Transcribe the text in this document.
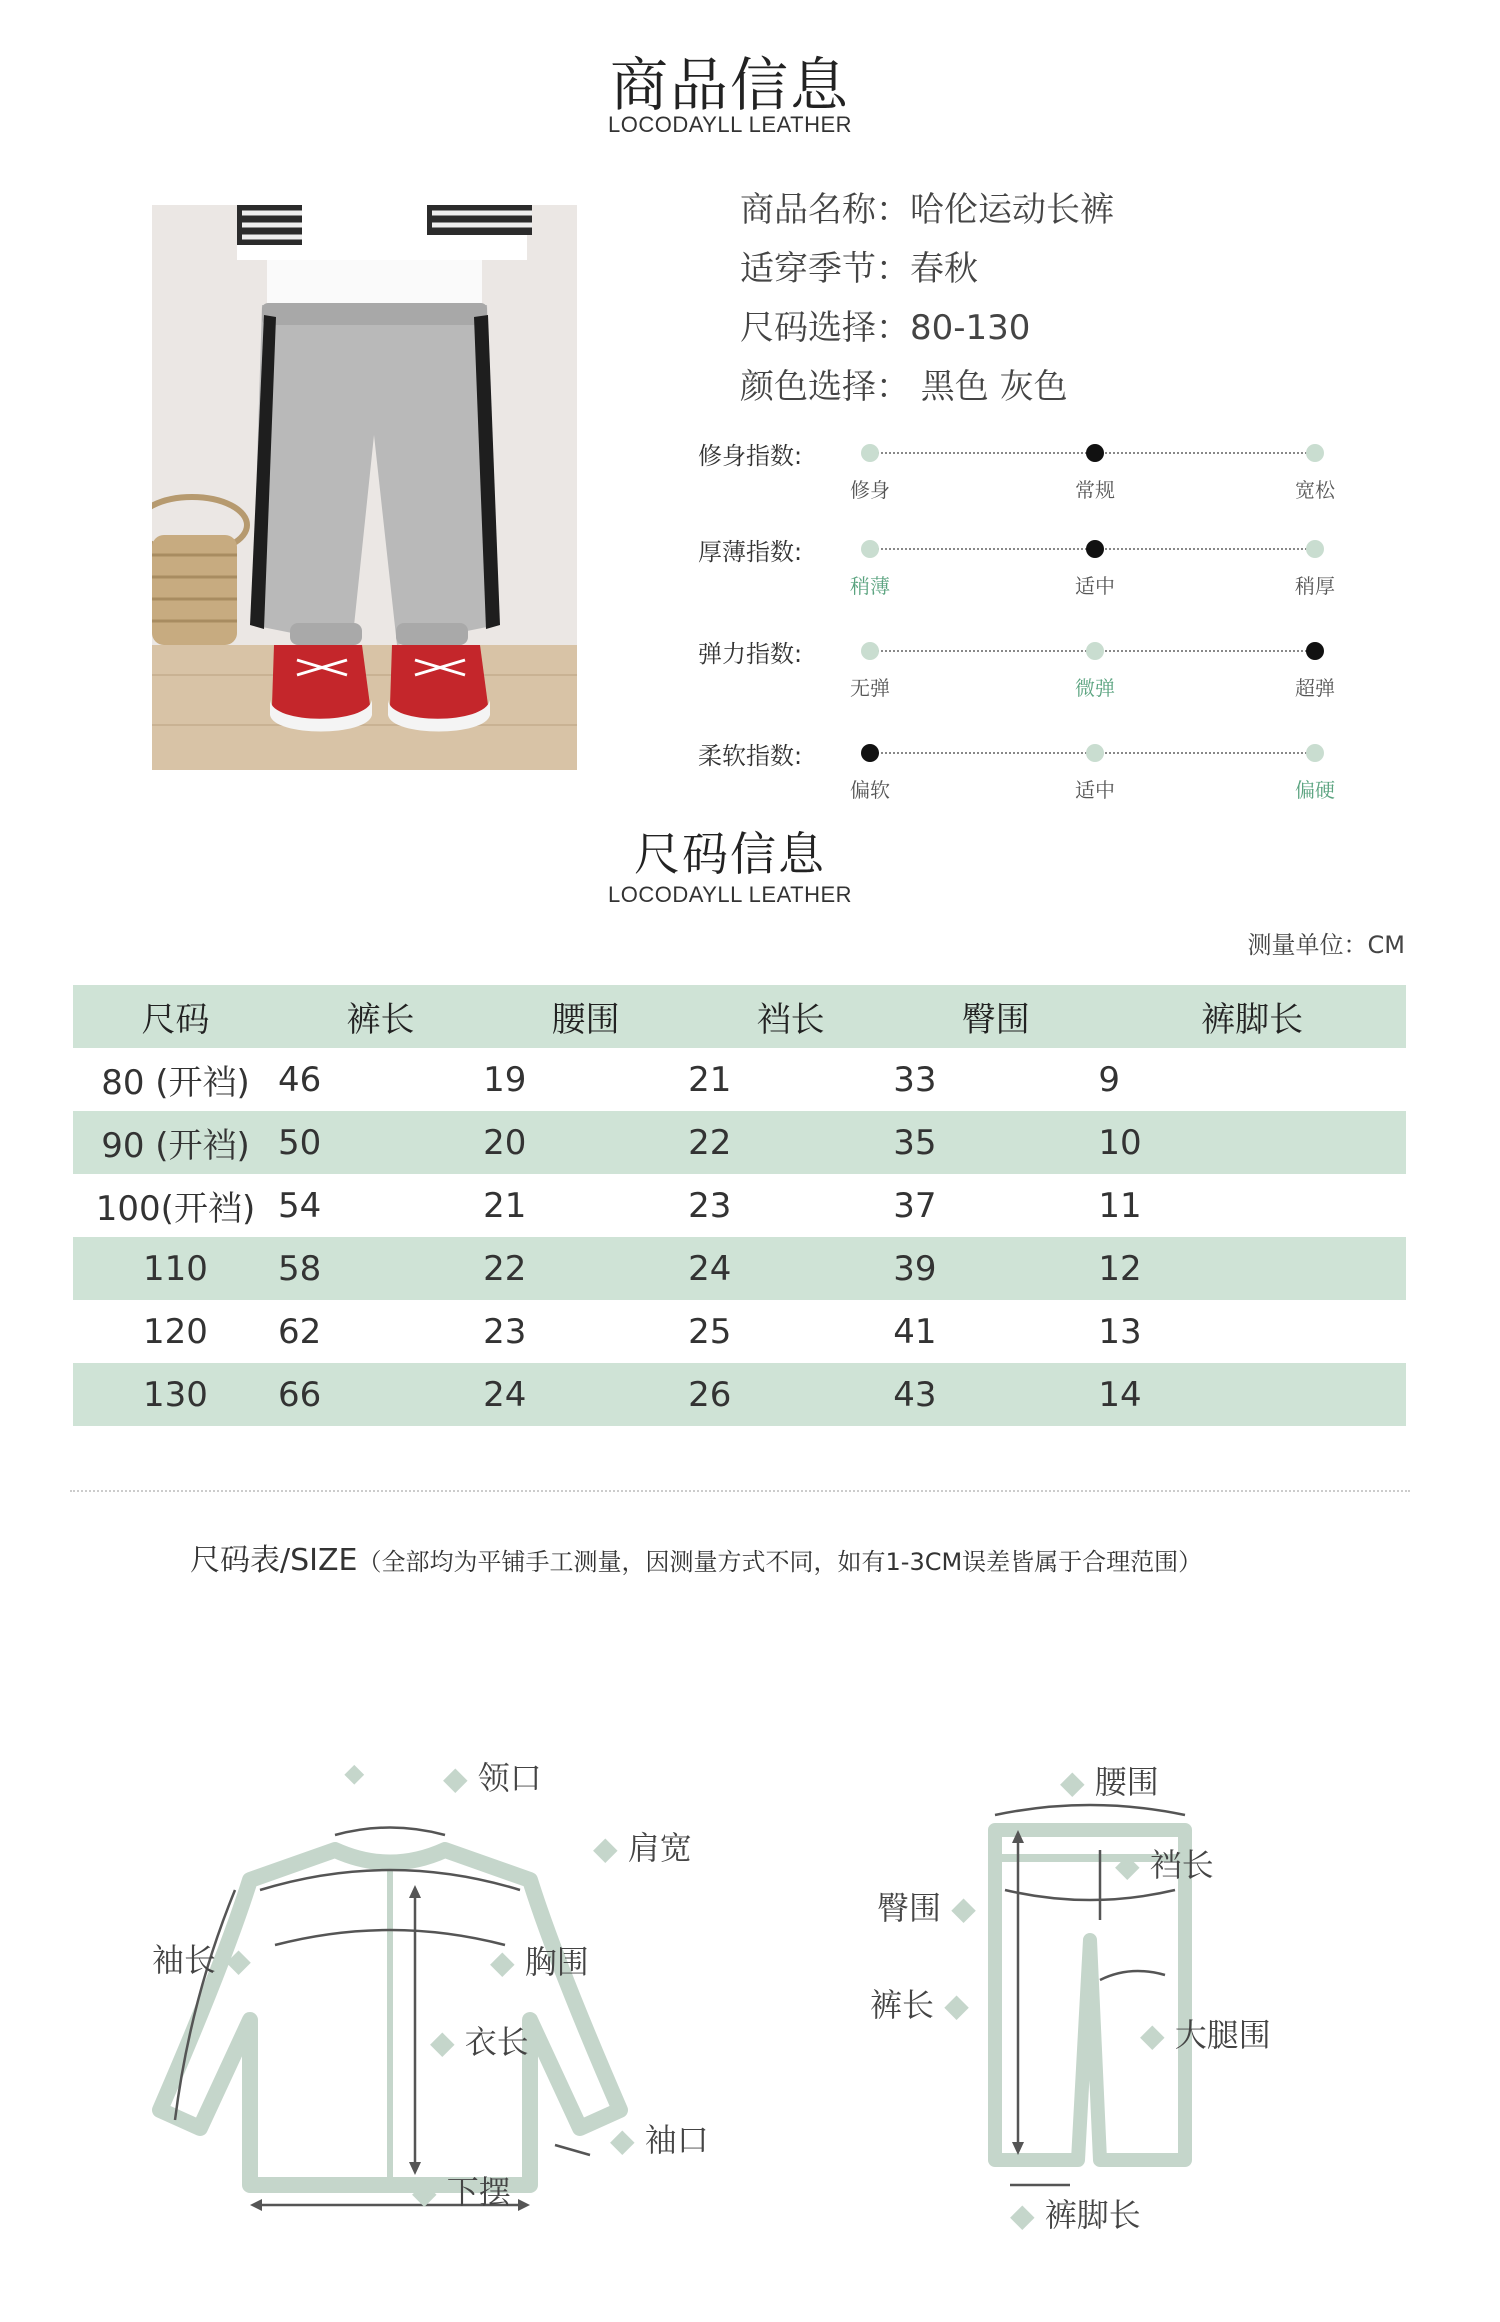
商品信息
LOCODAYLL LEATHER
商品名称：哈伦运动长裤
适穿季节：春秋
尺码选择：80-130
颜色选择： 黑色 灰色
修身指数:
修身	常规	宽松
厚薄指数:
稍薄	适中	稍厚
弹力指数:
无弹	微弹	超弹
柔软指数:
偏软	适中	偏硬
尺码信息
LOCODAYLL LEATHER
测量单位：CM
尺码	裤长	腰围	裆长	臀围	裤脚长
80 (开裆)	46	19	21	33	9
90 (开裆)	50	20	22	35	10
100(开裆)	54	21	23	37	11
110	58	22	24	39	12
120	62	23	25	41	13
130	66	24	26	43	14
尺码表/SIZE（全部均为平铺手工测量，因测量方式不同，如有1-3CM误差皆属于合理范围）
◆ 领口
◆ 肩宽
袖长 ◆	◆ 胸围
◆ 衣长
◆ 袖口
◆ 下摆
◆ 腰围
◆ 裆长
臀围 ◆
裤长 ◆
◆ 大腿围
◆ 裤脚长
